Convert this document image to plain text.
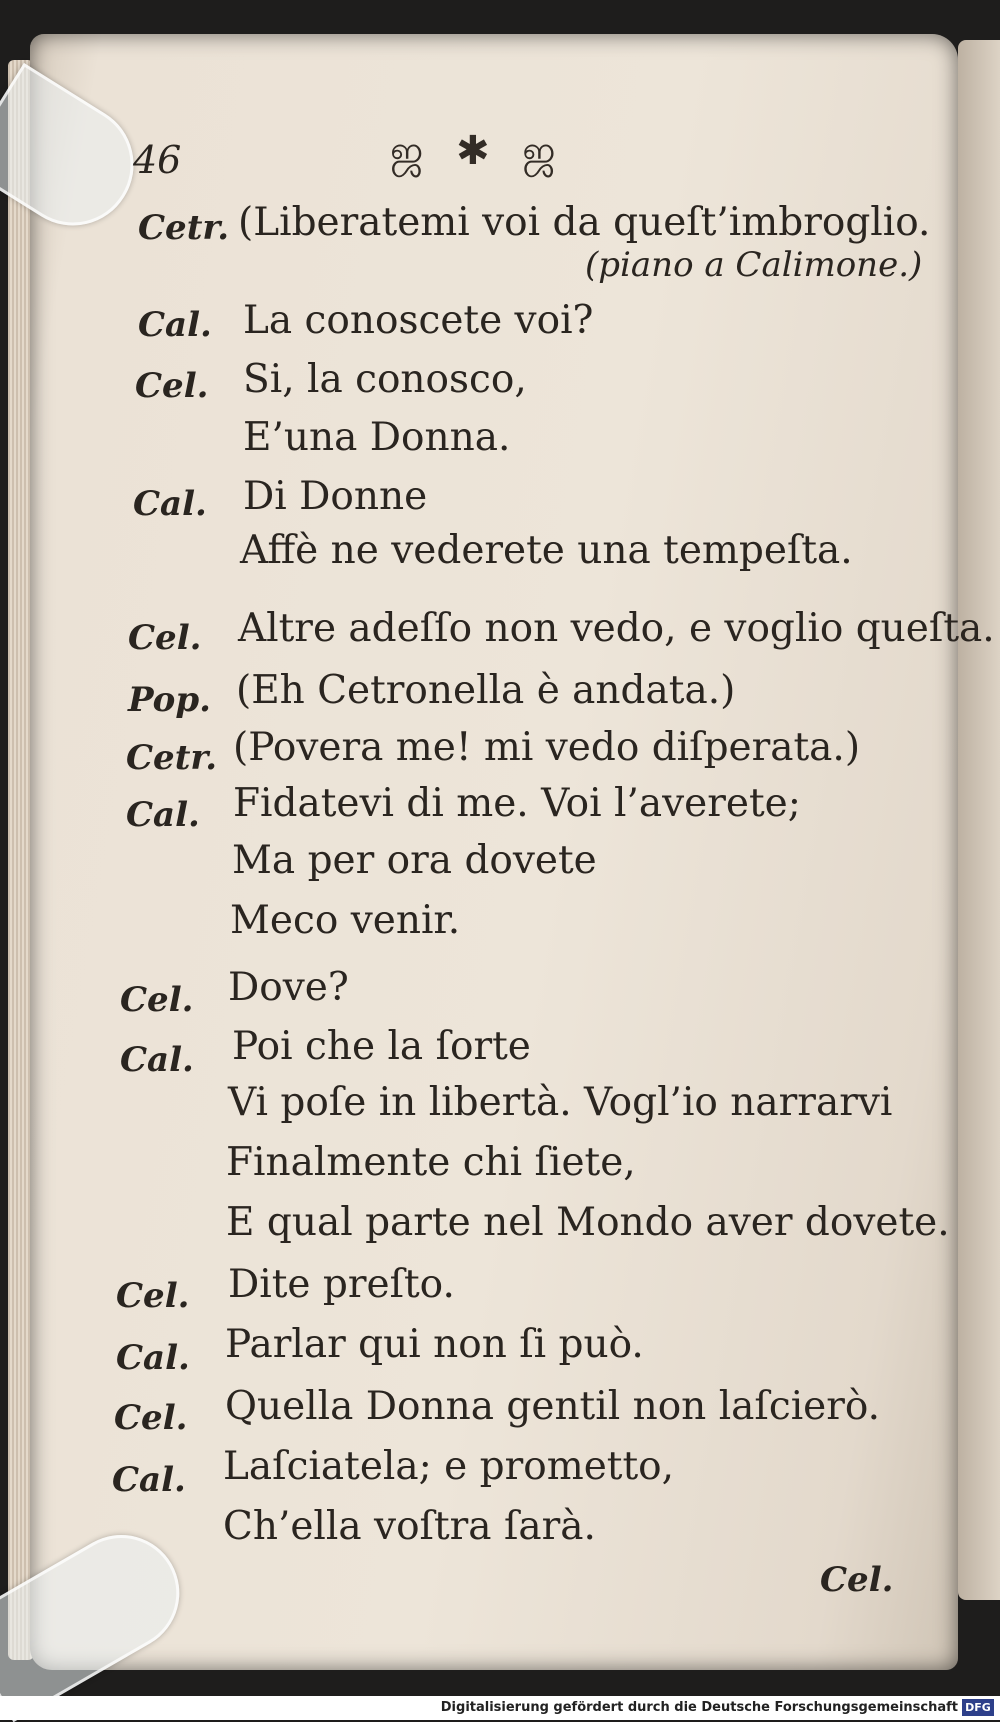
46	ஜ ✱ ஜ
Cetr. (Liberatemi voi da queſt’imbroglio.
(piano a Calimone.)
Cal. La conoscete voi?
Cel. Si, la conosco,
E’una Donna.
Cal. Di Donne
Affè ne vederete una tempeſta.
Cel. Altre adeſſo non vedo, e voglio queſta.
Pop. (Eh Cetronella è andata.)
Cetr. (Povera me! mi vedo diſperata.)
Cal. Fidatevi di me. Voi l’averete;
Ma per ora dovete
Meco venir.
Cel. Dove?
Cal. Poi che la ſorte
Vi poſe in libertà. Vogl’io narrarvi
Finalmente chi ſiete,
E qual parte nel Mondo aver dovete.
Cel. Dite preſto.
Cal. Parlar qui non ſi può.
Cel. Quella Donna gentil non laſcierò.
Cal. Laſciatela; e prometto,
Ch’ella voſtra ſarà.
Cel.
Digitalisierung gefördert durch die Deutsche Forschungsgemeinschaft DFG
